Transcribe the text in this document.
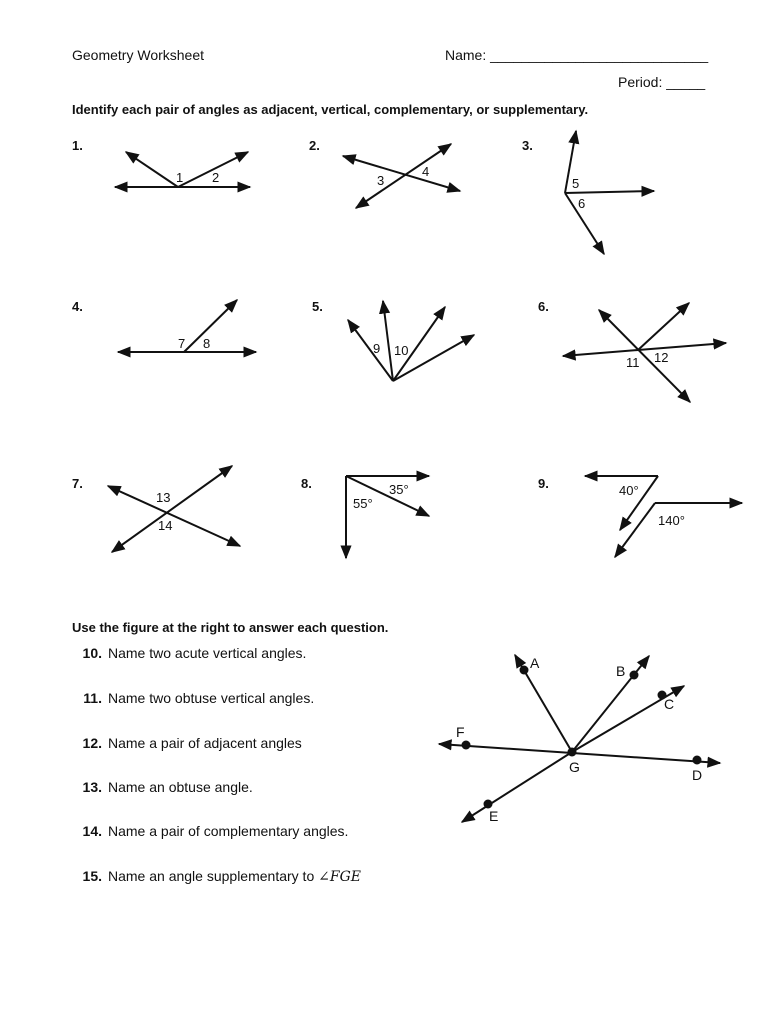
Geometry Worksheet	Name: ____________________________
Period: _____
Identify each pair of angles as adjacent, vertical, complementary, or supplementary.
1.	2.	3.
4.	5.	6.
7.	8.	9.
1 2	3
4
5
6
7 8	9 10
11 12
13
14
35°
55°
40°
140°
A	B
C
D
E
F
G
Use the figure at the right to answer each question.
10. Name two acute vertical angles.
11. Name two obtuse vertical angles.
12. Name a pair of adjacent angles
13. Name an obtuse angle.
14. Name a pair of complementary angles.
15. Name an angle supplementary to ∠FGE
